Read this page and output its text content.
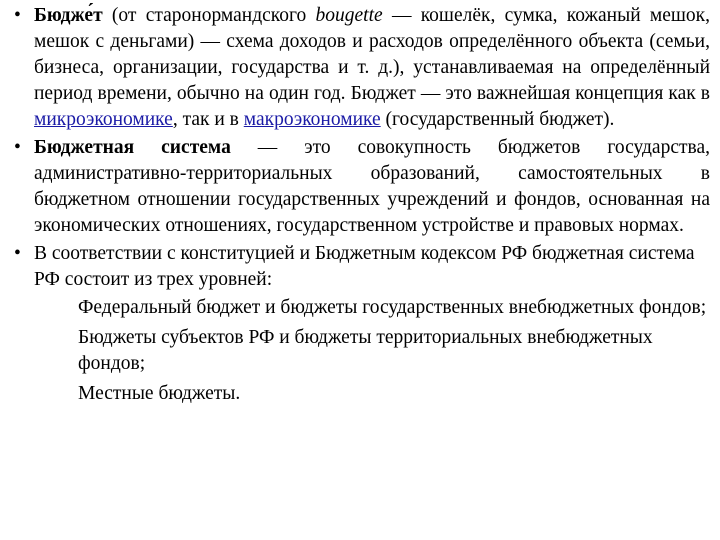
• Бюдже́т (от старонормандского bougette — кошелёк, сумка, кожаный мешок, мешок с деньгами) — схема доходов и расходов определённого объекта (семьи, бизнеса, организации, государства и т. д.), устанавливаемая на определённый период времени, обычно на один год. Бюджет — это важнейшая концепция как в микроэкономике, так и в макроэкономике (государственный бюджет).
• Бюджетная система — это совокупность бюджетов государства, административно-территориальных образований, самостоятельных в бюджетном отношении государственных учреждений и фондов, основанная на экономических отношениях, государственном устройстве и правовых нормах.
• В соответствии с конституцией и Бюджетным кодексом РФ бюджетная система РФ состоит из трех уровней:
Федеральный бюджет и бюджеты государственных внебюджетных фондов;
Бюджеты субъектов РФ и бюджеты территориальных внебюджетных фондов;
Местные бюджеты.
